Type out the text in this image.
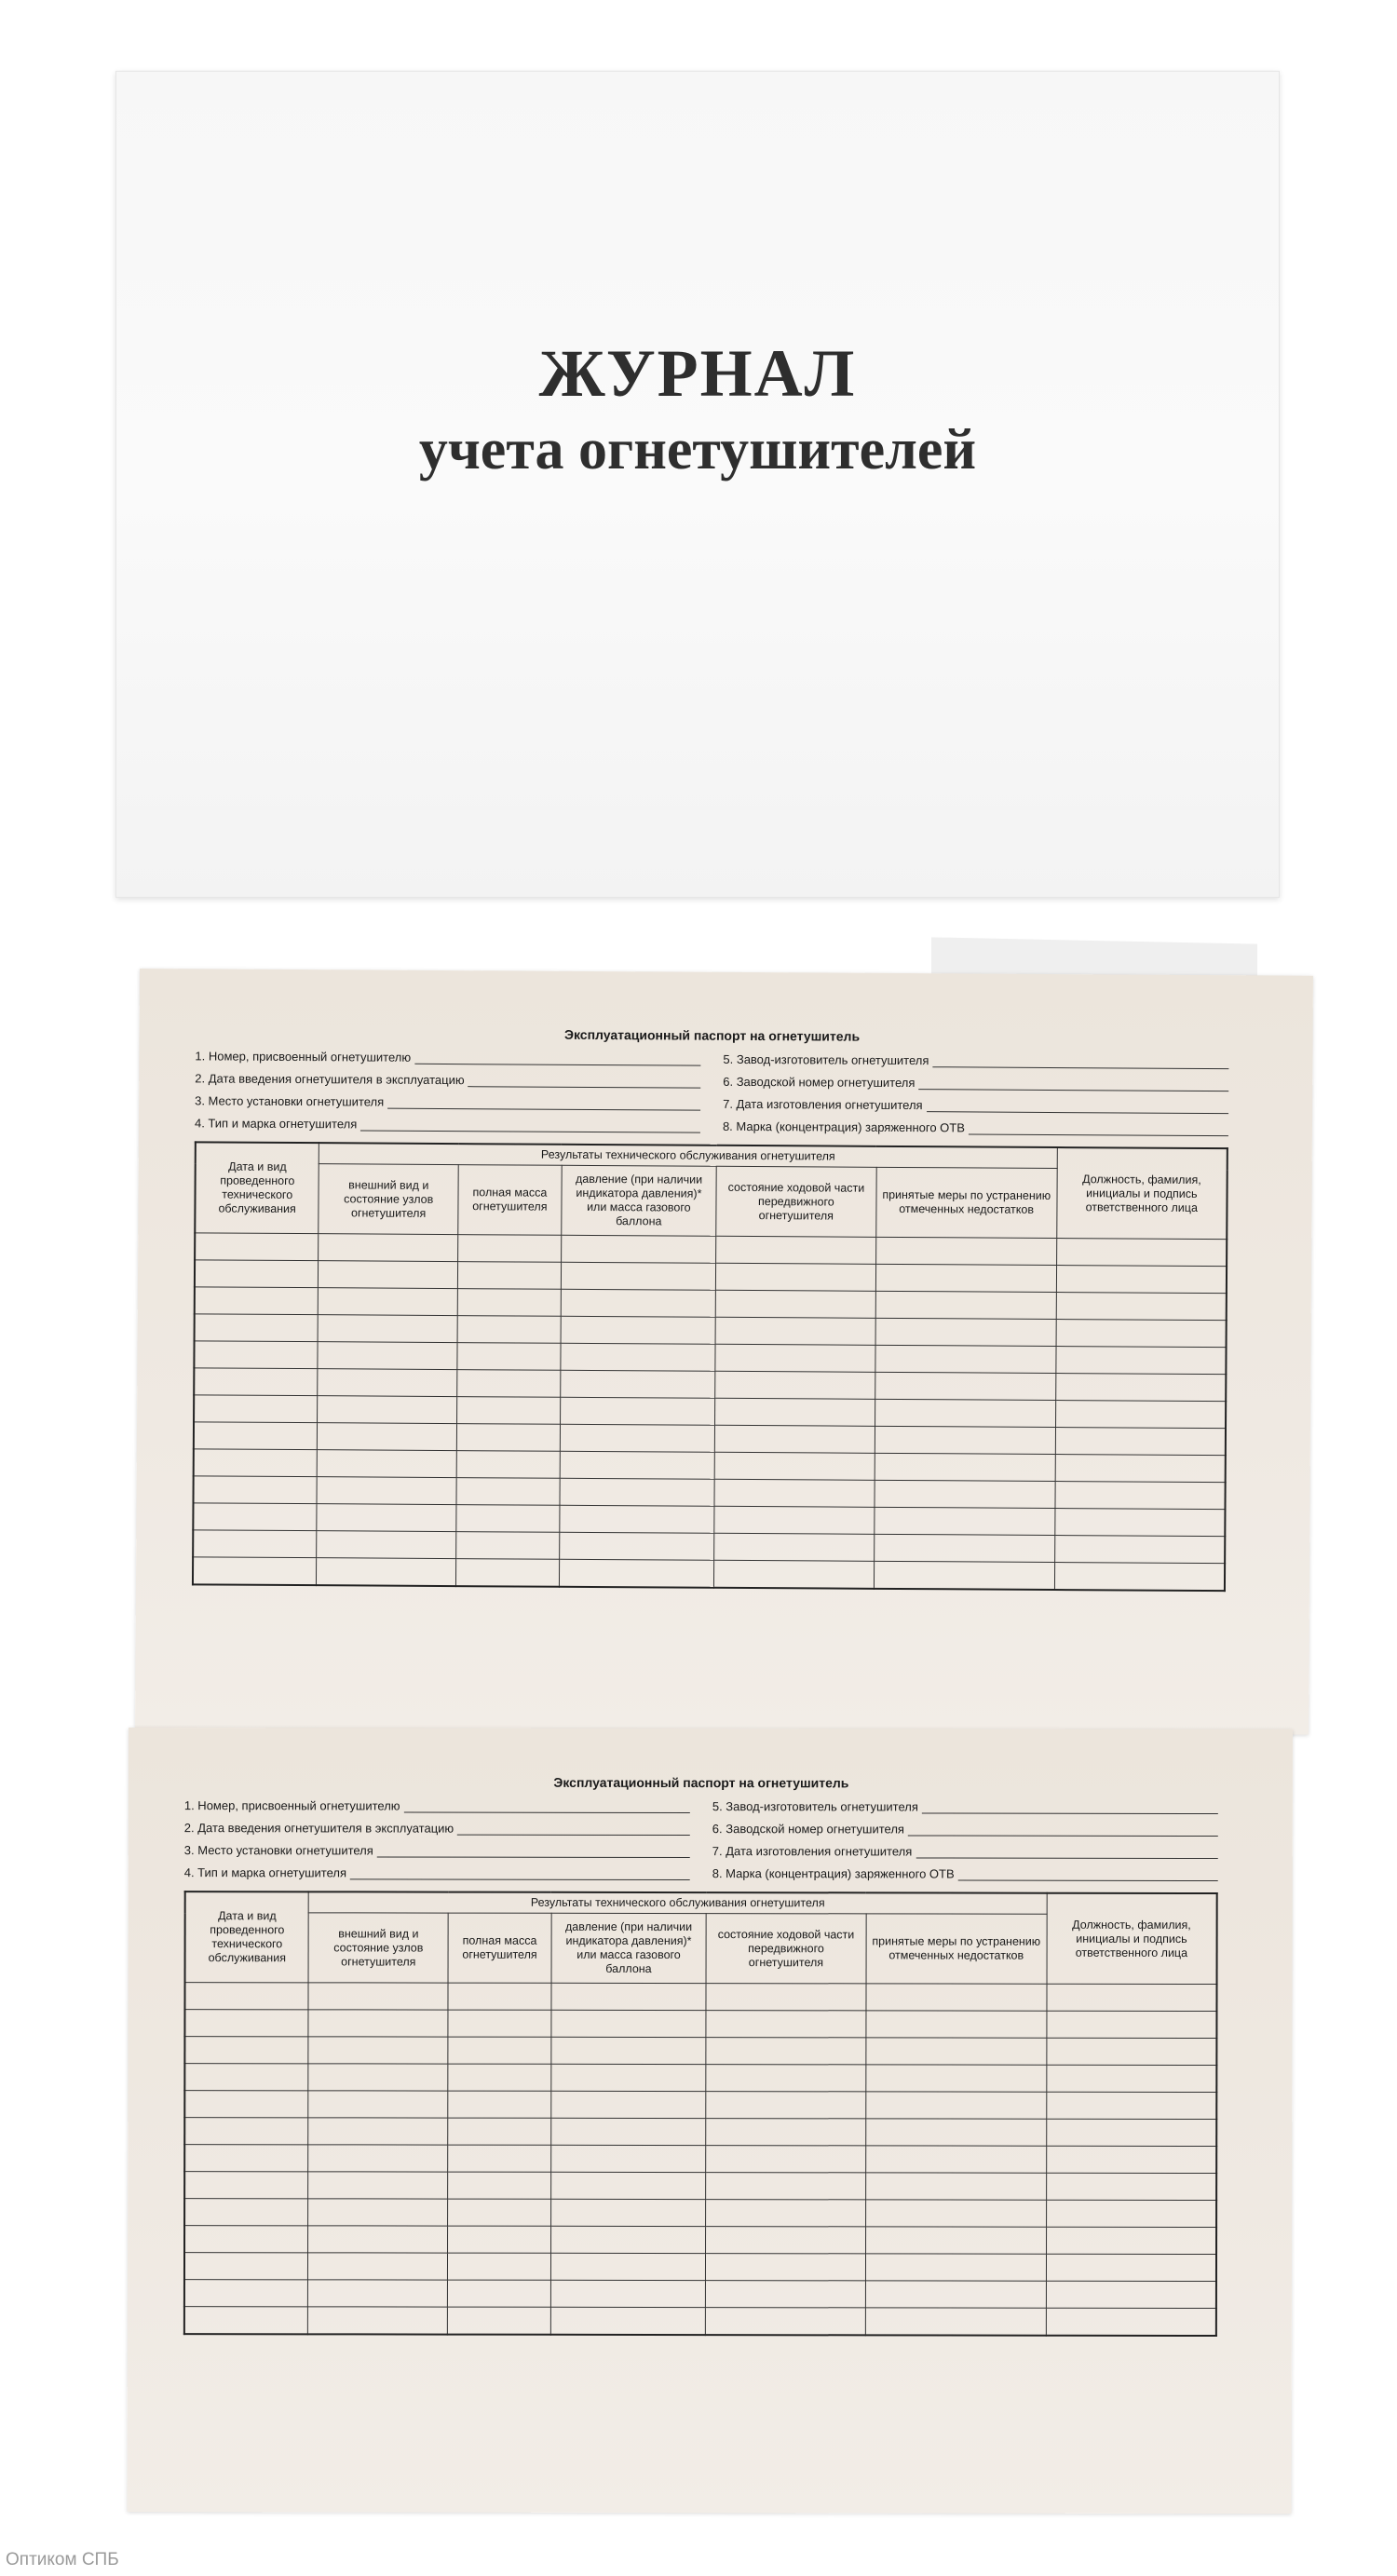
ЖУРНАЛ
учета огнетушителей
Эксплуатационный паспорт на огнетушитель
1. Номер, присвоенный огнетушителю	5. Завод-изготовитель огнетушителя
2. Дата введения огнетушителя в эксплуатацию	6. Заводской номер огнетушителя
3. Место установки огнетушителя	7. Дата изготовления огнетушителя
4. Тип и марка огнетушителя	8. Марка (концентрация) заряженного ОТВ
Дата и вид проведенного технического обслуживания	Результаты технического обслуживания огнетушителя					Должность, фамилия, инициалы и подпись ответственного лица
	внешний вид и состояние узлов огнетушителя	полная масса огнетушителя	давление (при наличии индикатора давления)* или масса газового баллона	состояние ходовой части передвижного огнетушителя	принятые меры по устранению отмеченных недостатков	

Эксплуатационный паспорт на огнетушитель
1. Номер, присвоенный огнетушителю	5. Завод-изготовитель огнетушителя
2. Дата введения огнетушителя в эксплуатацию	6. Заводской номер огнетушителя
3. Место установки огнетушителя	7. Дата изготовления огнетушителя
4. Тип и марка огнетушителя	8. Марка (концентрация) заряженного ОТВ
Дата и вид проведенного технического обслуживания	Результаты технического обслуживания огнетушителя					Должность, фамилия, инициалы и подпись ответственного лица
	внешний вид и состояние узлов огнетушителя	полная масса огнетушителя	давление (при наличии индикатора давления)* или масса газового баллона	состояние ходовой части передвижного огнетушителя	принятые меры по устранению отмеченных недостатков	

Оптиком СПБ
